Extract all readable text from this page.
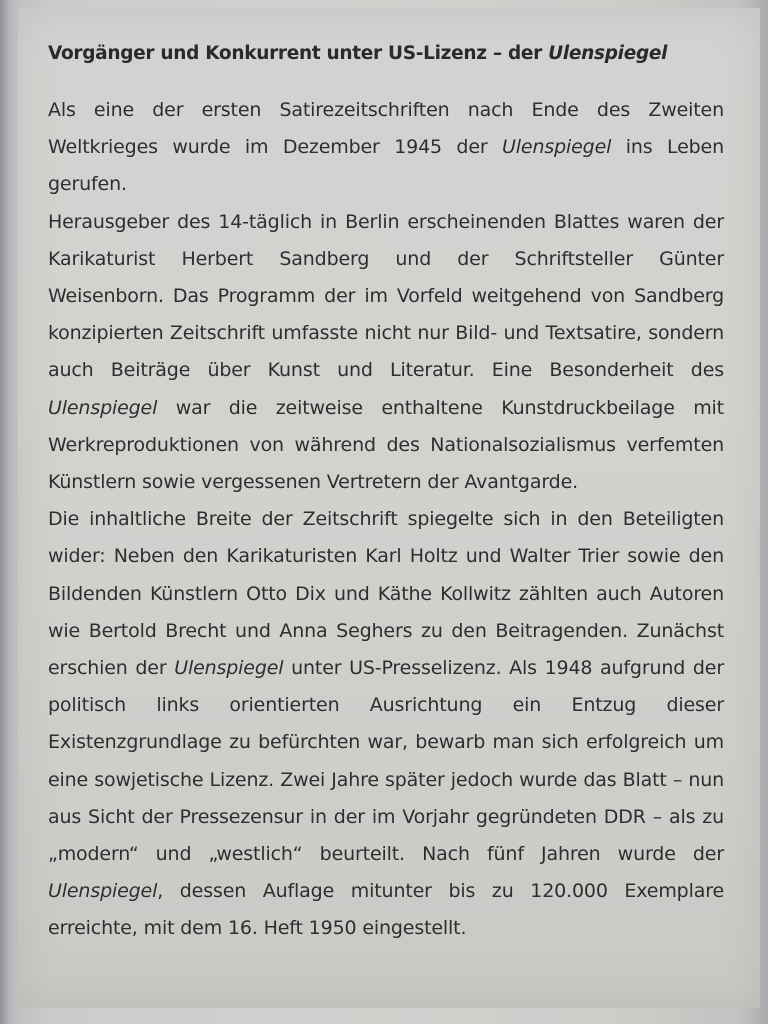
Vorgänger und Konkurrent unter US-Lizenz – der Ulenspiegel

Als eine der ersten Satirezeitschriften nach Ende des Zweiten Weltkrieges wurde im Dezember 1945 der Ulenspiegel ins Leben gerufen.

Herausgeber des 14-täglich in Berlin erscheinenden Blattes waren der Karikaturist Herbert Sandberg und der Schriftsteller Günter Weisenborn. Das Programm der im Vorfeld weitgehend von Sandberg konzipierten Zeitschrift umfasste nicht nur Bild- und Textsatire, sondern auch Beiträge über Kunst und Literatur. Eine Besonderheit des Ulenspiegel war die zeitweise enthaltene Kunstdruckbeilage mit Werkreproduktionen von während des Nationalsozialismus verfemten Künstlern sowie vergessenen Vertretern der Avantgarde.

Die inhaltliche Breite der Zeitschrift spiegelte sich in den Beteiligten wider: Neben den Karikaturisten Karl Holtz und Walter Trier sowie den Bildenden Künstlern Otto Dix und Käthe Kollwitz zählten auch Autoren wie Bertold Brecht und Anna Seghers zu den Beitragenden. Zunächst erschien der Ulenspiegel unter US-Presselizenz. Als 1948 aufgrund der politisch links orientierten Ausrichtung ein Entzug dieser Existenzgrundlage zu befürchten war, bewarb man sich erfolgreich um eine sowjetische Lizenz. Zwei Jahre später jedoch wurde das Blatt – nun aus Sicht der Pressezensur in der im Vorjahr gegründeten DDR – als zu „modern“ und „westlich“ beurteilt. Nach fünf Jahren wurde der Ulenspiegel, dessen Auflage mitunter bis zu 120.000 Exemplare erreichte, mit dem 16. Heft 1950 eingestellt.
